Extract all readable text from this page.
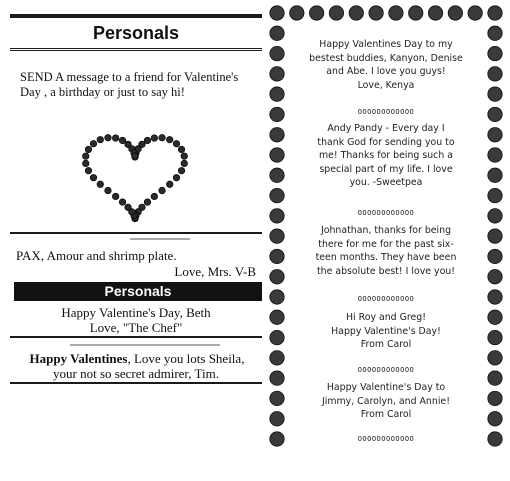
Personals
SEND A message to a friend for Valentine's
Day , a birthday or just to say hi!
PAX, Amour and shrimp plate.
Love, Mrs. V-B
Personals
Happy Valentine's Day, Beth
Love, "The Chef"
Happy Valentines, Love you lots Sheila,
your not so secret admirer, Tim.
Happy Valentines Day to my
bestest buddies, Kanyon, Denise
and Abe. I love you guys!
Love, Kenya
OOOOOOOOOOOO
Andy Pandy - Every day I
thank God for sending you to
me! Thanks for being such a
special part of my life. I love
you. -Sweetpea
OOOOOOOOOOOO
Johnathan, thanks for being
there for me for the past six-
teen months. They have been
the absolute best! I love you!
OOOOOOOOOOOO
Hi Roy and Greg!
Happy Valentine's Day!
From Carol
OOOOOOOOOOOO
Happy Valentine's Day to
Jimmy, Carolyn, and Annie!
From Carol
OOOOOOOOOOOO
